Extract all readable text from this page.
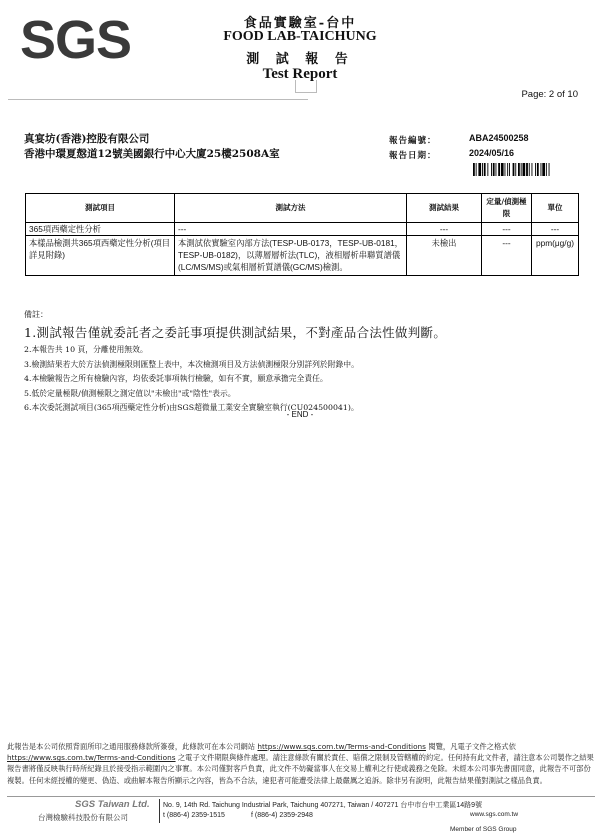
SGS	食品實驗室-台中
FOOD LAB-TAICHUNG
測 試 報 告
Test Report
Page: 2 of 10
真宴坊(香港)控股有限公司
香港中環夏慤道12號美國銀行中心大廈25樓2508A室
報告編號：	ABA24500258
報告日期：	2024/05/16
測試項目	測試方法	測試結果	定量/偵測極限	單位
365項西藥定性分析	---	---	---	---
本樣品檢測共365項西藥定性分析(項目詳見附錄)	本測試依實驗室內部方法(TESP-UB-0173，TESP-UB-0181，TESP-UB-0182)，以薄層層析法(TLC)，液相層析串聯質譜儀(LC/MS/MS)或氣相層析質譜儀(GC/MS)檢測。	未檢出	---	ppm(μg/g)
備註：
1.測試報告僅就委託者之委託事項提供測試結果，不對產品合法性做判斷。
2.本報告共 10 頁，分離使用無效。
3.檢測結果若大於方法偵測極限則匯整上表中，本次檢測項目及方法偵測極限分別詳列於附錄中。
4.本檢驗報告之所有檢驗內容，均依委託事項執行檢驗，如有不實，願意承擔完全責任。
5.低於定量極限/偵測極限之測定值以"未檢出"或"陰性"表示。
6.本次委託測試項目(365項西藥定性分析)由SGS超微量工業安全實驗室執行(CU024500041)。
- END -
此報告是本公司依照背面所印之通用服務條款所簽發，此條款可在本公司網站 https://www.sgs.com.tw/Terms-and-Conditions 閱覽，凡電子文件之格式依
https://www.sgs.com.tw/Terms-and-Conditions 之電子文件期限與條件處理。請注意條款有關於責任、賠償之限制及管轄權的約定。任何持有此文件者，請注意本公司製作之結果報告書將僅反映執行時所紀錄且於接受指示範圍內之事實。本公司僅對客戶負責，此文件不妨礙當事人在交易上權利之行使或義務之免除。未經本公司事先書面同意，此報告不可部份複製。任何未經授權的變更、偽造、或曲解本報告所顯示之內容，皆為不合法，違犯者可能遭受法律上最嚴厲之追訴。除非另有說明，此報告結果僅對測試之樣品負責。
SGS Taiwan Ltd.
台灣檢驗科技股份有限公司
No. 9, 14th Rd. Taichung Industrial Park, Taichung 407271, Taiwan / 407271 台中市台中工業區14路9號
t (886-4) 2359-1515	f (886-4) 2359-2948	www.sgs.com.tw
Member of SGS Group
